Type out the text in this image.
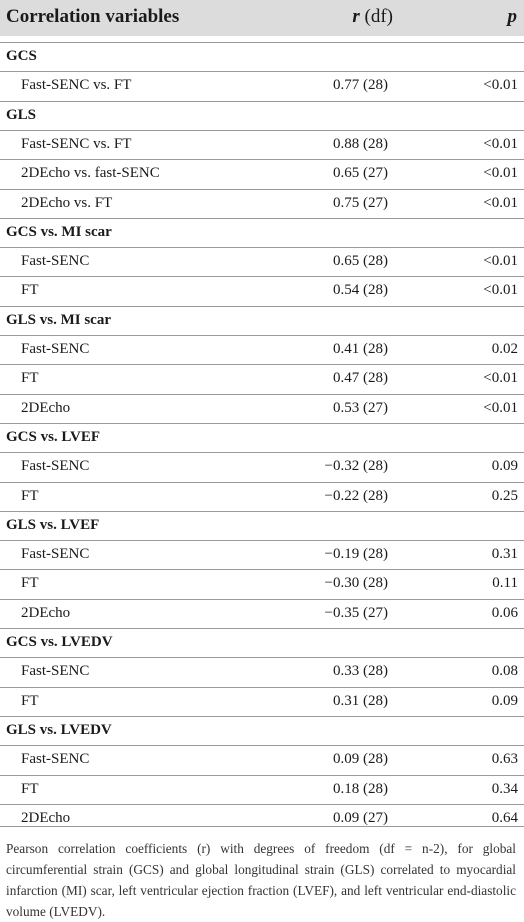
Correlation variables	r (df)	p
GCS
Fast-SENC vs. FT	0.77 (28)	<0.01
GLS
Fast-SENC vs. FT	0.88 (28)	<0.01
2DEcho vs. fast-SENC	0.65 (27)	<0.01
2DEcho vs. FT	0.75 (27)	<0.01
GCS vs. MI scar
Fast-SENC	0.65 (28)	<0.01
FT	0.54 (28)	<0.01
GLS vs. MI scar
Fast-SENC	0.41 (28)	0.02
FT	0.47 (28)	<0.01
2DEcho	0.53 (27)	<0.01
GCS vs. LVEF
Fast-SENC	−0.32 (28)	0.09
FT	−0.22 (28)	0.25
GLS vs. LVEF
Fast-SENC	−0.19 (28)	0.31
FT	−0.30 (28)	0.11
2DEcho	−0.35 (27)	0.06
GCS vs. LVEDV
Fast-SENC	0.33 (28)	0.08
FT	0.31 (28)	0.09
GLS vs. LVEDV
Fast-SENC	0.09 (28)	0.63
FT	0.18 (28)	0.34
2DEcho	0.09 (27)	0.64
Pearson correlation coefficients (r) with degrees of freedom (df = n-2), for global circumferential strain (GCS) and global longitudinal strain (GLS) correlated to myocardial infarction (MI) scar, left ventricular ejection fraction (LVEF), and left ventricular end-diastolic volume (LVEDV).
